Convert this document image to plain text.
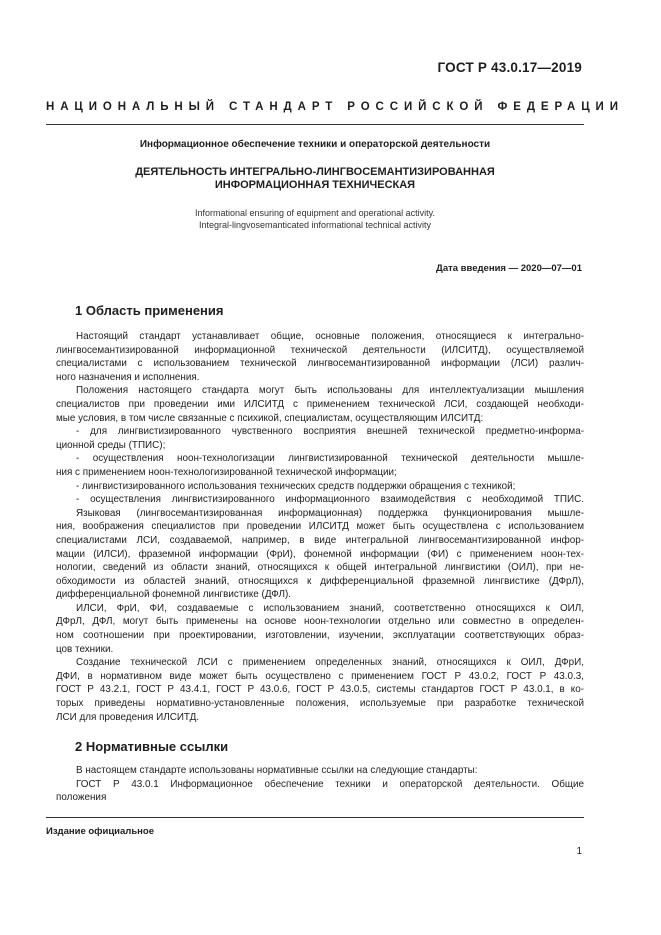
ГОСТ Р 43.0.17—2019
НАЦИОНАЛЬНЫЙ СТАНДАРТ РОССИЙСКОЙ ФЕДЕРАЦИИ
Информационное обеспечение техники и операторской деятельности
ДЕЯТЕЛЬНОСТЬ ИНТЕГРАЛЬНО-ЛИНГВОСЕМАНТИЗИРОВАННАЯ
ИНФОРМАЦИОННАЯ ТЕХНИЧЕСКАЯ
Informational ensuring of equipment and operational activity.
Integral-lingvosemanticated informational technical activity
Дата введения — 2020—07—01
1 Область применения
Настоящий стандарт устанавливает общие, основные положения, относящиеся к интегрально-
лингвосемантизированной информационной технической деятельности (ИЛСИТД), осуществляемой
специалистами с использованием технической лингвосемантизированной информации (ЛСИ) различ-
ного назначения и исполнения.
Положения настоящего стандарта могут быть использованы для интеллектуализации мышления
специалистов при проведении ими ИЛСИТД с применением технической ЛСИ, создающей необходи-
мые условия, в том числе связанные с психикой, специалистам, осуществляющим ИЛСИТД:
- для лингвистизированного чувственного восприятия внешней технической предметно-информа-
ционной среды (ТПИС);
- осуществления ноон-технологизации лингвистизированной технической деятельности мышле-
ния с применением ноон-технологизированной технической информации;
- лингвистизированного использования технических средств поддержки обращения с техникой;
- осуществления лингвистизированного информационного взаимодействия с необходимой ТПИС.
Языковая (лингвосемантизированная информационная) поддержка функционирования мышле-
ния, воображения специалистов при проведении ИЛСИТД может быть осуществлена с использованием
специалистами ЛСИ, создаваемой, например, в виде интегральной лингвосемантизированной инфор-
мации (ИЛСИ), фраземной информации (ФрИ), фонемной информации (ФИ) с применением ноон-тех-
нологии, сведений из области знаний, относящихся к общей интегральной лингвистики (ОИЛ), при не-
обходимости из областей знаний, относящихся к дифференциальной фраземной лингвистике (ДФрЛ),
дифференциальной фонемной лингвистике (ДФЛ).
ИЛСИ, ФрИ, ФИ, создаваемые с использованием знаний, соответственно относящихся к ОИЛ,
ДФрЛ, ДФЛ, могут быть применены на основе ноон-технологии отдельно или совместно в определен-
ном соотношении при проектировании, изготовлении, изучении, эксплуатации соответствующих образ-
цов техники.
Создание технической ЛСИ с применением определенных знаний, относящихся к ОИЛ, ДФрИ,
ДФИ, в нормативном виде может быть осуществлено с применением ГОСТ Р 43.0.2, ГОСТ Р 43.0.3,
ГОСТ Р 43.2.1, ГОСТ Р 43.4.1, ГОСТ Р 43.0.6, ГОСТ Р 43.0.5, системы стандартов ГОСТ Р 43.0.1, в ко-
торых приведены нормативно-установленные положения, используемые при разработке технической
ЛСИ для проведения ИЛСИТД.
2 Нормативные ссылки
В настоящем стандарте использованы нормативные ссылки на следующие стандарты:
ГОСТ Р 43.0.1 Информационное обеспечение техники и операторской деятельности. Общие
положения
Издание официальное
1
